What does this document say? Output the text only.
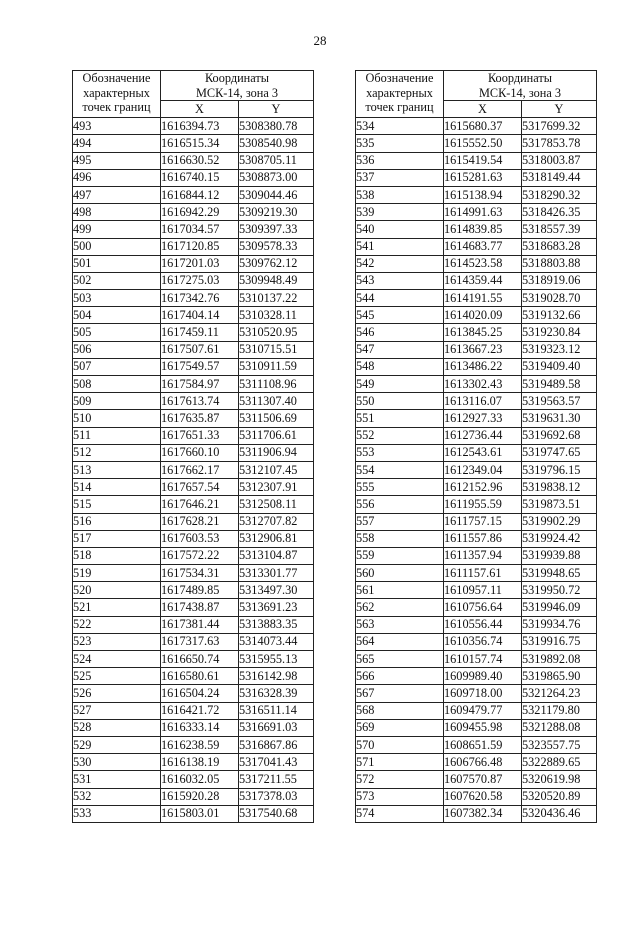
28
Обозначение
характерных
точек границ	Координаты
МСК-14, зона 3	

	X	Y
493	1616394.73	5308380.78
494	1616515.34	5308540.98
495	1616630.52	5308705.11
496	1616740.15	5308873.00
497	1616844.12	5309044.46
498	1616942.29	5309219.30
499	1617034.57	5309397.33
500	1617120.85	5309578.33
501	1617201.03	5309762.12
502	1617275.03	5309948.49
503	1617342.76	5310137.22
504	1617404.14	5310328.11
505	1617459.11	5310520.95
506	1617507.61	5310715.51
507	1617549.57	5310911.59
508	1617584.97	5311108.96
509	1617613.74	5311307.40
510	1617635.87	5311506.69
511	1617651.33	5311706.61
512	1617660.10	5311906.94
513	1617662.17	5312107.45
514	1617657.54	5312307.91
515	1617646.21	5312508.11
516	1617628.21	5312707.82
517	1617603.53	5312906.81
518	1617572.22	5313104.87
519	1617534.31	5313301.77
520	1617489.85	5313497.30
521	1617438.87	5313691.23
522	1617381.44	5313883.35
523	1617317.63	5314073.44
524	1616650.74	5315955.13
525	1616580.61	5316142.98
526	1616504.24	5316328.39
527	1616421.72	5316511.14
528	1616333.14	5316691.03
529	1616238.59	5316867.86
530	1616138.19	5317041.43
531	1616032.05	5317211.55
532	1615920.28	5317378.03
533	1615803.01	5317540.68
Обозначение
характерных
точек границ	Координаты
МСК-14, зона 3	

	X	Y
534	1615680.37	5317699.32
535	1615552.50	5317853.78
536	1615419.54	5318003.87
537	1615281.63	5318149.44
538	1615138.94	5318290.32
539	1614991.63	5318426.35
540	1614839.85	5318557.39
541	1614683.77	5318683.28
542	1614523.58	5318803.88
543	1614359.44	5318919.06
544	1614191.55	5319028.70
545	1614020.09	5319132.66
546	1613845.25	5319230.84
547	1613667.23	5319323.12
548	1613486.22	5319409.40
549	1613302.43	5319489.58
550	1613116.07	5319563.57
551	1612927.33	5319631.30
552	1612736.44	5319692.68
553	1612543.61	5319747.65
554	1612349.04	5319796.15
555	1612152.96	5319838.12
556	1611955.59	5319873.51
557	1611757.15	5319902.29
558	1611557.86	5319924.42
559	1611357.94	5319939.88
560	1611157.61	5319948.65
561	1610957.11	5319950.72
562	1610756.64	5319946.09
563	1610556.44	5319934.76
564	1610356.74	5319916.75
565	1610157.74	5319892.08
566	1609989.40	5319865.90
567	1609718.00	5321264.23
568	1609479.77	5321179.80
569	1609455.98	5321288.08
570	1608651.59	5323557.75
571	1606766.48	5322889.65
572	1607570.87	5320619.98
573	1607620.58	5320520.89
574	1607382.34	5320436.46
